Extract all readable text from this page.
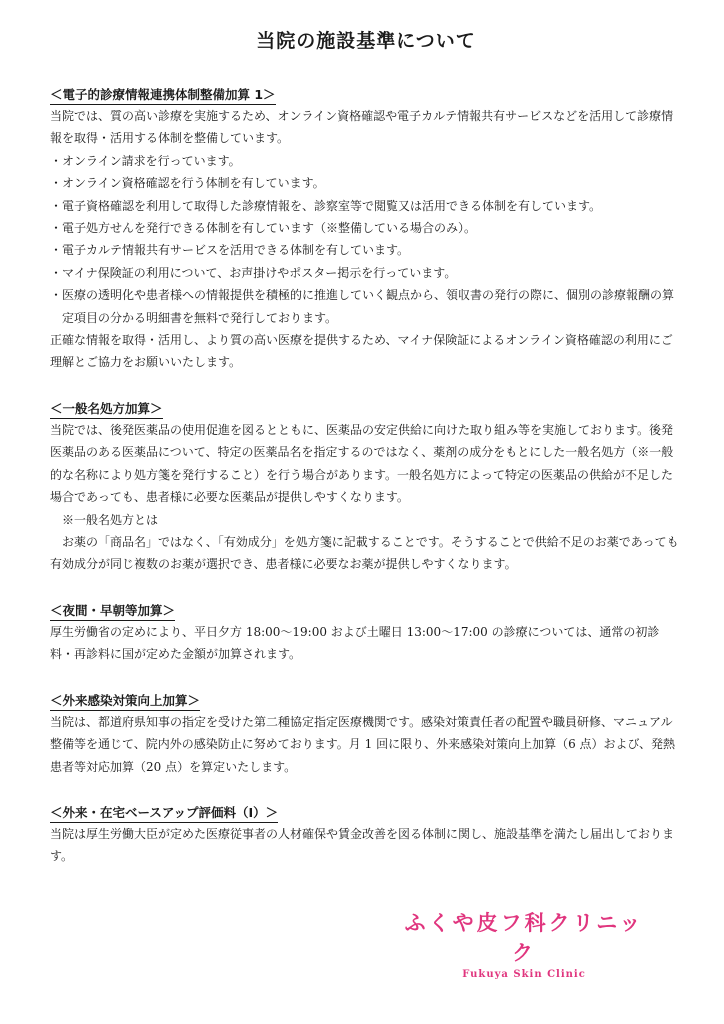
当院の施設基準について
＜電子的診療情報連携体制整備加算 1＞

当院では、質の高い診療を実施するため、オンライン資格確認や電子カルテ情報共有サービスなどを活用して診療情報を取得・活用する体制を整備しています。

・オンライン請求を行っています。
・オンライン資格確認を行う体制を有しています。
・電子資格確認を利用して取得した診療情報を、診察室等で閲覧又は活用できる体制を有しています。
・電子処方せんを発行できる体制を有しています（※整備している場合のみ）。
・電子カルテ情報共有サービスを活用できる体制を有しています。
・マイナ保険証の利用について、お声掛けやポスター掲示を行っています。
・医療の透明化や患者様への情報提供を積極的に推進していく観点から、領収書の発行の際に、個別の診療報酬の算定項目の分かる明細書を無料で発行しております。

正確な情報を取得・活用し、より質の高い医療を提供するため、マイナ保険証によるオンライン資格確認の利用にご理解とご協力をお願いいたします。

＜一般名処方加算＞

当院では、後発医薬品の使用促進を図るとともに、医薬品の安定供給に向けた取り組み等を実施しております。後発医薬品のある医薬品について、特定の医薬品名を指定するのではなく、薬剤の成分をもとにした一般名処方（※一般的な名称により処方箋を発行すること）を行う場合があります。一般名処方によって特定の医薬品の供給が不足した場合であっても、患者様に必要な医薬品が提供しやすくなります。

※一般名処方とは

お薬の「商品名」ではなく、「有効成分」を処方箋に記載することです。そうすることで供給不足のお薬であっても有効成分が同じ複数のお薬が選択でき、患者様に必要なお薬が提供しやすくなります。

＜夜間・早朝等加算＞

厚生労働省の定めにより、平日夕方 18:00～19:00 および土曜日 13:00～17:00 の診療については、通常の初診料・再診料に国が定めた金額が加算されます。

＜外来感染対策向上加算＞

当院は、都道府県知事の指定を受けた第二種協定指定医療機関です。感染対策責任者の配置や職員研修、マニュアル整備等を通じて、院内外の感染防止に努めております。月 1 回に限り、外来感染対策向上加算（6 点）および、発熱患者等対応加算（20 点）を算定いたします。

＜外来・在宅ベースアップ評価料（Ⅰ）＞

当院は厚生労働大臣が定めた医療従事者の人材確保や賃金改善を図る体制に関し、施設基準を満たし届出しております。

ふくや皮フ科クリニック
Fukuya Skin Clinic
